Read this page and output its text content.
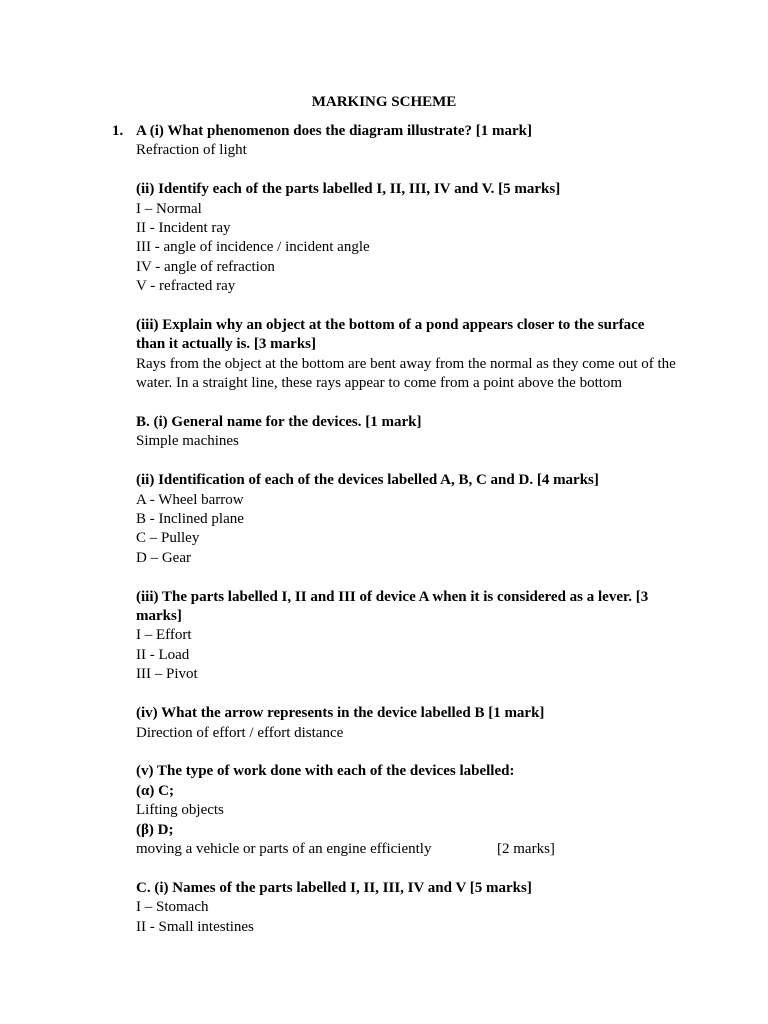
MARKING SCHEME
1. A (i) What phenomenon does the diagram illustrate? [1 mark]

Refraction of light

(ii) Identify each of the parts labelled I, II, III, IV and V. [5 marks]

I – Normal

II - Incident ray

III - angle of incidence / incident angle

IV - angle of refraction

V - refracted ray

(iii) Explain why an object at the bottom of a pond appears closer to the surface

than it actually is. [3 marks]

Rays from the object at the bottom are bent away from the normal as they come out of the

water. In a straight line, these rays appear to come from a point above the bottom

B. (i) General name for the devices. [1 mark]

Simple machines

(ii) Identification of each of the devices labelled A, B, C and D. [4 marks]

A - Wheel barrow

B - Inclined plane

C – Pulley

D – Gear

(iii) The parts labelled I, II and III of device A when it is considered as a lever. [3

marks]

I – Effort

II - Load

III – Pivot

(iv) What the arrow represents in the device labelled B [1 mark]

Direction of effort / effort distance

(v) The type of work done with each of the devices labelled:

(α) C;

Lifting objects

(β) D;

moving a vehicle or parts of an engine efficiently	[2 marks]

C. (i) Names of the parts labelled I, II, III, IV and V [5 marks]

I – Stomach

II - Small intestines
